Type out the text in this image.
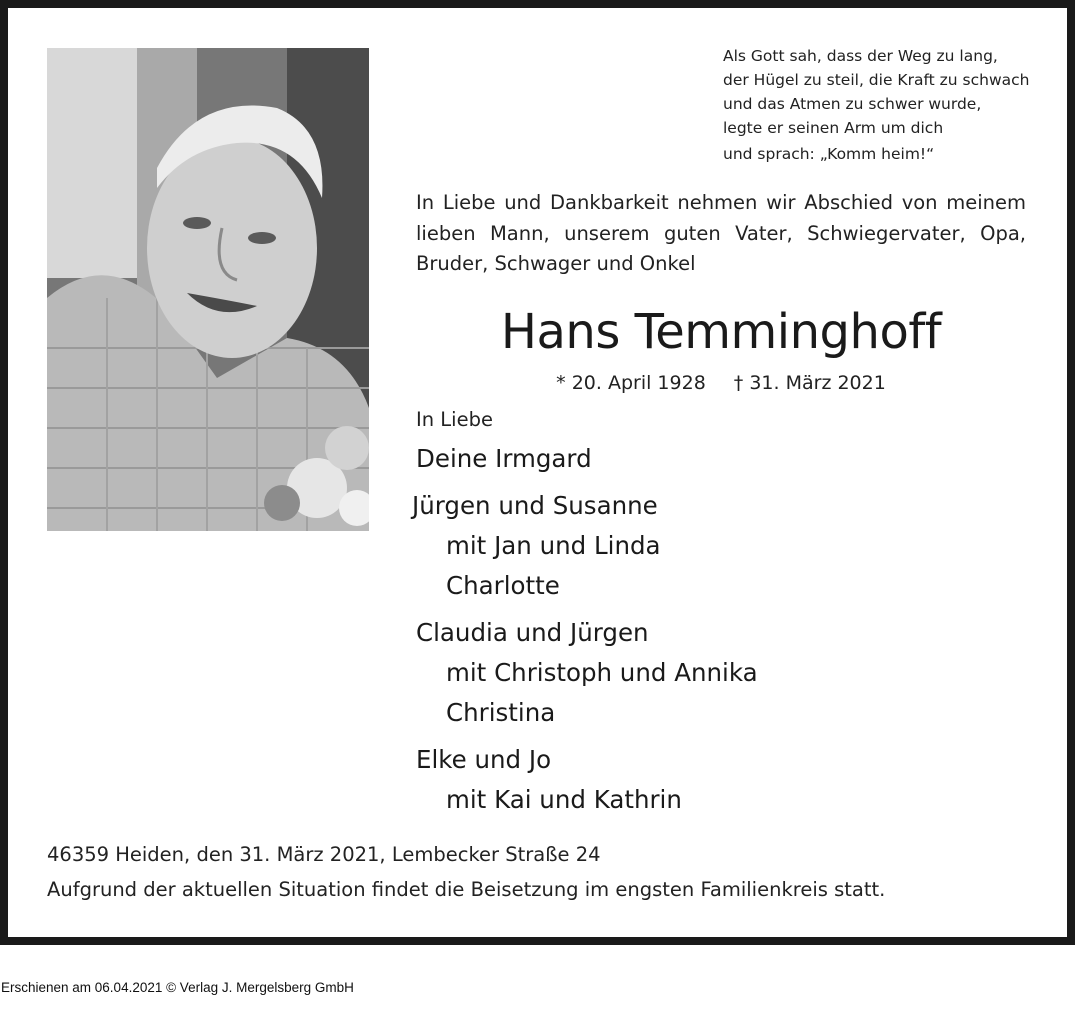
Als Gott sah, dass der Weg zu lang,
der Hügel zu steil, die Kraft zu schwach
und das Atmen zu schwer wurde,
legte er seinen Arm um dich
und sprach: „Komm heim!“
In Liebe und Dankbarkeit nehmen wir Abschied von meinem lieben Mann, unserem guten Vater, Schwiegervater, Opa, Bruder, Schwager und Onkel
Hans Temminghoff
* 20. April 1928 † 31. März 2021
In Liebe
Deine Irmgard
Jürgen und Susanne
mit Jan und Linda
Charlotte
Claudia und Jürgen
mit Christoph und Annika
Christina
Elke und Jo
mit Kai und Kathrin
46359 Heiden, den 31. März 2021, Lembecker Straße 24
Aufgrund der aktuellen Situation findet die Beisetzung im engsten Familienkreis statt.
Erschienen am 06.04.2021 © Verlag J. Mergelsberg GmbH
